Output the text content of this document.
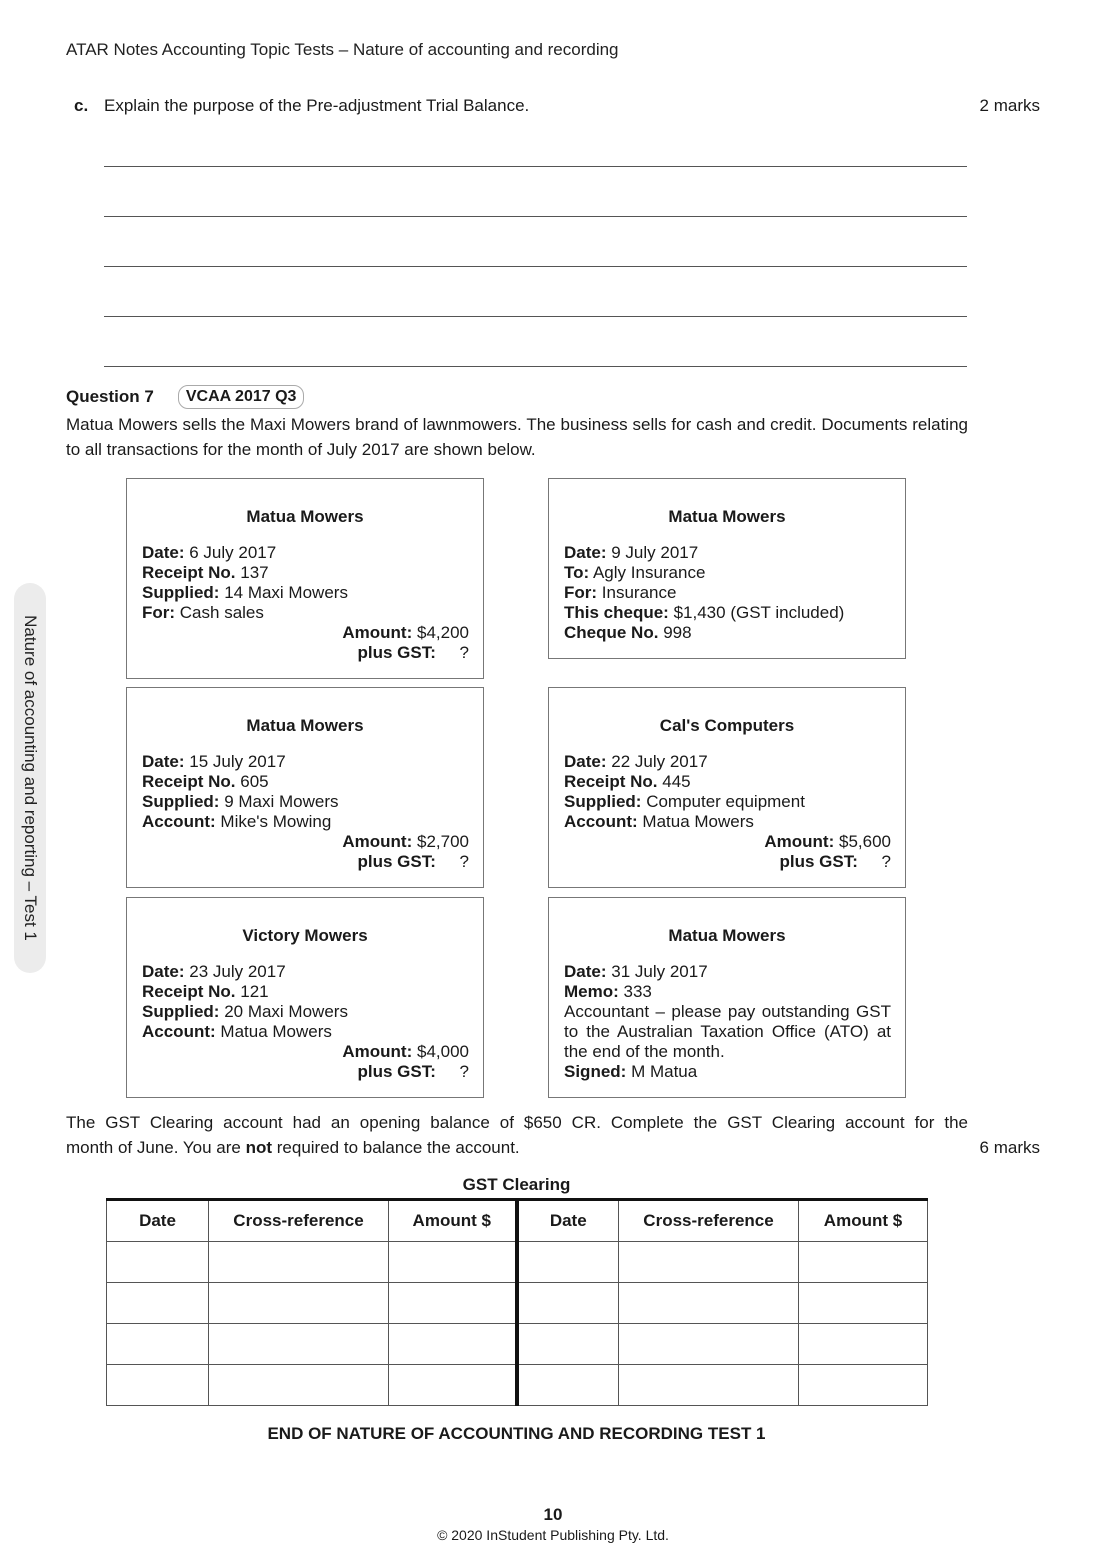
ATAR Notes Accounting Topic Tests – Nature of accounting and recording
Nature of accounting and reporting – Test 1
c. Explain the purpose of the Pre-adjustment Trial Balance.	2 marks
Question 7	VCAA 2017 Q3
Matua Mowers sells the Maxi Mowers brand of lawnmowers. The business sells for cash and credit. Documents relating to all transactions for the month of July 2017 are shown below.
Matua Mowers
Date: 6 July 2017
Receipt No. 137
Supplied: 14 Maxi Mowers
For: Cash sales
Amount: $4,200
plus GST: ?
Matua Mowers
Date: 9 July 2017
To: Agly Insurance
For: Insurance
This cheque: $1,430 (GST included)
Cheque No. 998
Matua Mowers
Date: 15 July 2017
Receipt No. 605
Supplied: 9 Maxi Mowers
Account: Mike's Mowing
Amount: $2,700
plus GST: ?
Cal's Computers
Date: 22 July 2017
Receipt No. 445
Supplied: Computer equipment
Account: Matua Mowers
Amount: $5,600
plus GST: ?
Victory Mowers
Date: 23 July 2017
Receipt No. 121
Supplied: 20 Maxi Mowers
Account: Matua Mowers
Amount: $4,000
plus GST: ?
Matua Mowers
Date: 31 July 2017
Memo: 333
Accountant – please pay outstanding GST to the Australian Taxation Office (ATO) at the end of the month.
Signed: M Matua
The GST Clearing account had an opening balance of $650 CR. Complete the GST Clearing account for the
month of June. You are not required to balance the account.	6 marks
GST Clearing
Date	Cross-reference	Amount $	Date	Cross-reference	Amount $

END OF NATURE OF ACCOUNTING AND RECORDING TEST 1
10
© 2020 InStudent Publishing Pty. Ltd.
